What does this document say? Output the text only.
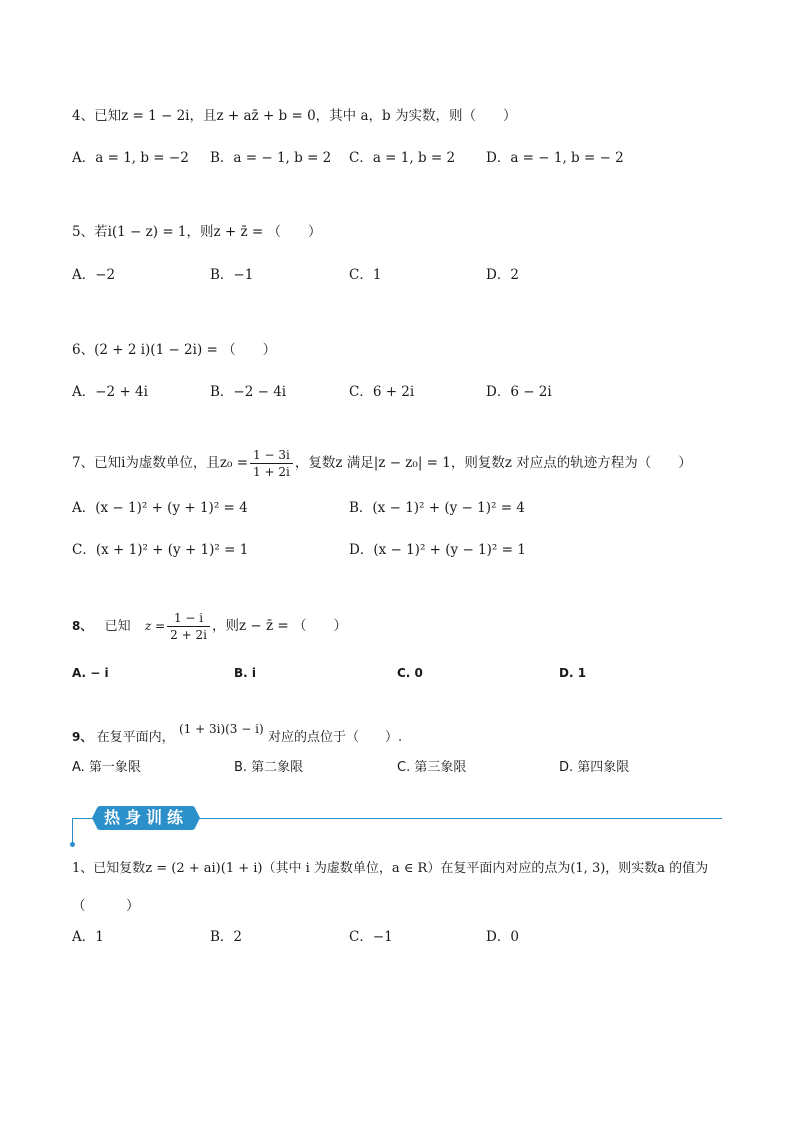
4、已知z = 1 − 2i，且z + az̄ + b = 0，其中 a，b 为实数，则（　　）
A．a = 1, b = −2 B．a = − 1, b = 2 C．a = 1, b = 2 D．a = − 1, b = − 2
5、若i(1 − z) = 1，则z + z̄ = （　　）
A．−2	B．−1	C．1	D．2
6、(2 + 2 i)(1 − 2i) = （　　）
A．−2 + 4i	B．−2 − 4i	C．6 + 2i	D．6 − 2i
7、已知i为虚数单位，且$z_0 = \frac{1 - 3i}{1 + 2i}$ ，复数z 满足|z − z₀| = 1，则复数z 对应点的轨迹方程为（　　）
A．(x − 1)² + (y + 1)² = 4	B．(x − 1)² + (y − 1)² = 4
C．(x + 1)² + (y + 1)² = 1	D．(x − 1)² + (y − 1)² = 1
8、 已知 $z = \frac{1 - i}{2 + 2i}$ ，则z − z̄ = （　　）
A. − i	B. i	C. 0	D. 1
9、 在复平面内， (1 + 3i)(3 − i) 对应的点位于（　　）.
A. 第一象限	B. 第二象限	C. 第三象限	D. 第四象限
热身训练
1、已知复数z = (2 + ai)(1 + i)（其中 i 为虚数单位，a ∈ R）在复平面内对应的点为(1, 3)，则实数a 的值为
（　　　）
A．1	B．2	C．−1	D．0
